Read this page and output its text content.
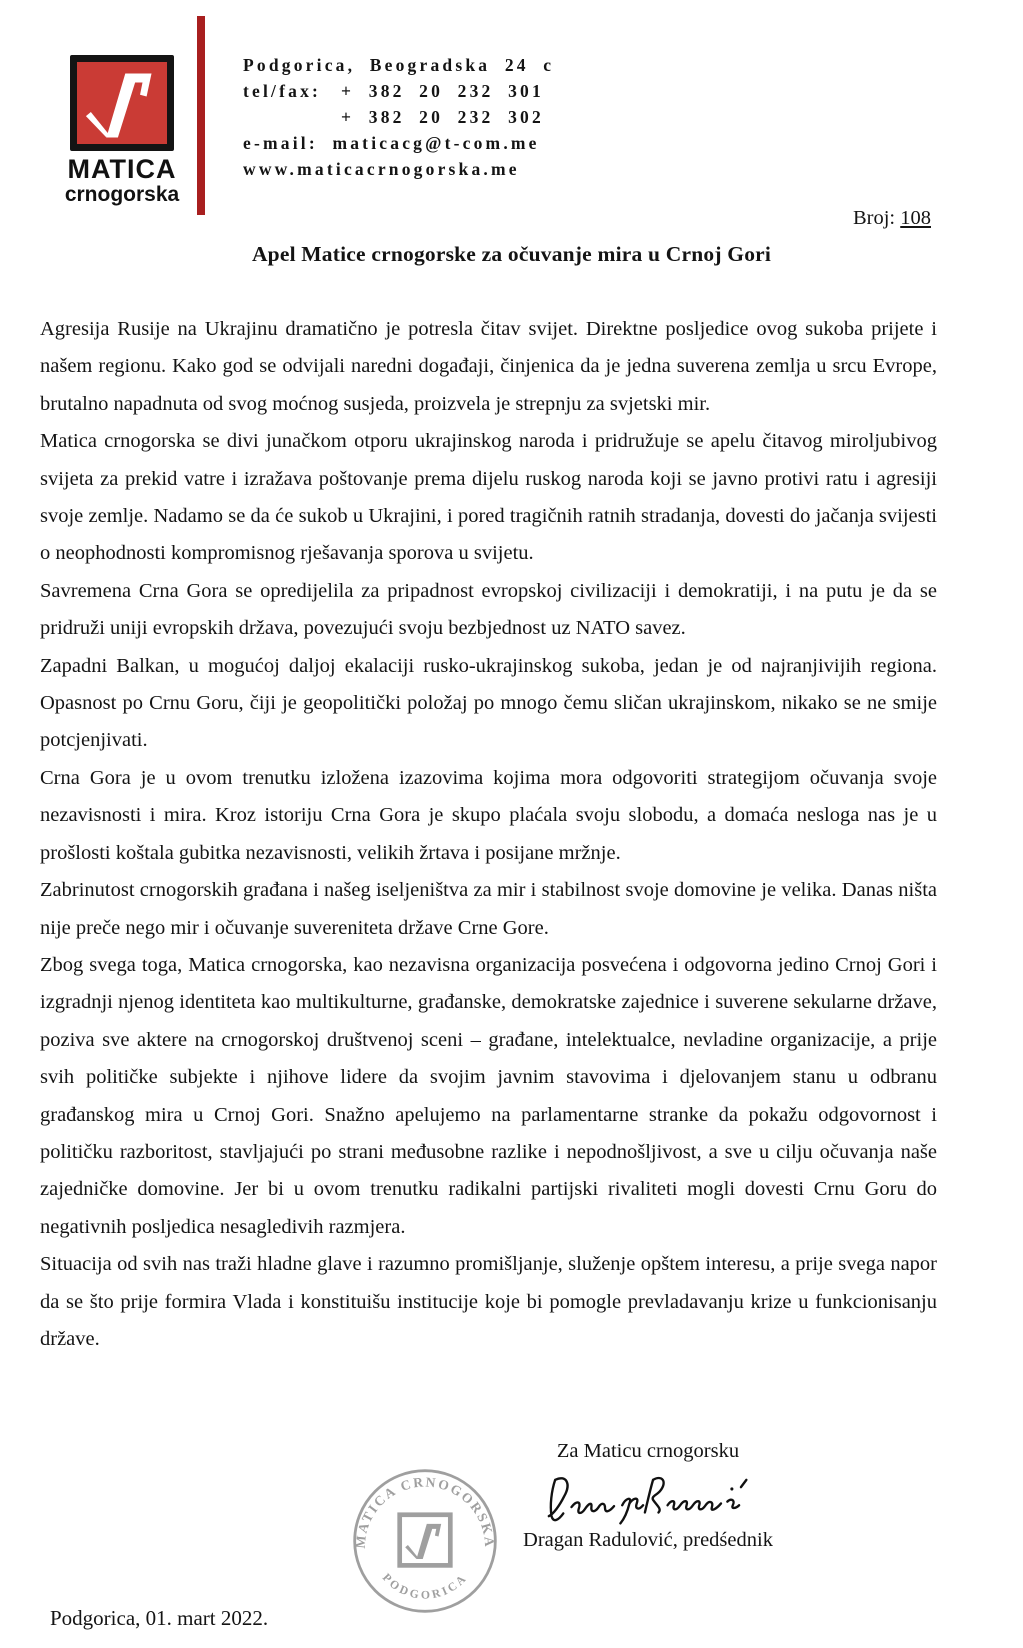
MATICA
crnogorska
Podgorica, Beogradska 24 c
tel/fax:	+ 382 20 232 301
+ 382 20 232 302
e-mail:
maticacg@t-com.me
www.maticacrnogorska.me
Broj: 108
Apel Matice crnogorske za očuvanje mira u Crnoj Gori

Agresija Rusije na Ukrajinu dramatično je potresla čitav svijet. Direktne posljedice ovog sukoba prijete i našem regionu. Kako god se odvijali naredni događaji, činjenica da je jedna suverena zemlja u srcu Evrope, brutalno napadnuta od svog moćnog susjeda, proizvela je strepnju za svjetski mir.

Matica crnogorska se divi junačkom otporu ukrajinskog naroda i pridružuje se apelu čitavog miroljubivog svijeta za prekid vatre i izražava poštovanje prema dijelu ruskog naroda koji se javno protivi ratu i agresiji svoje zemlje. Nadamo se da će sukob u Ukrajini, i pored tragičnih ratnih stradanja, dovesti do jačanja svijesti o neophodnosti kompromisnog rješavanja sporova u svijetu.

Savremena Crna Gora se opredijelila za pripadnost evropskoj civilizaciji i demokratiji, i na putu je da se pridruži uniji evropskih država, povezujući svoju bezbjednost uz NATO savez.

Zapadni Balkan, u mogućoj daljoj ekalaciji rusko-ukrajinskog sukoba, jedan je od najranjivijih regiona. Opasnost po Crnu Goru, čiji je geopolitički položaj po mnogo čemu sličan ukrajinskom, nikako se ne smije potcjenjivati.

Crna Gora je u ovom trenutku izložena izazovima kojima mora odgovoriti strategijom očuvanja svoje nezavisnosti i mira. Kroz istoriju Crna Gora je skupo plaćala svoju slobodu, a domaća nesloga nas je u prošlosti koštala gubitka nezavisnosti, velikih žrtava i posijane mržnje.

Zabrinutost crnogorskih građana i našeg iseljeništva za mir i stabilnost svoje domovine je velika. Danas ništa nije preče nego mir i očuvanje suvereniteta države Crne Gore.

Zbog svega toga, Matica crnogorska, kao nezavisna organizacija posvećena i odgovorna jedino Crnoj Gori i izgradnji njenog identiteta kao multikulturne, građanske, demokratske zajednice i suverene sekularne države, poziva sve aktere na crnogorskoj društvenoj sceni – građane, intelektualce, nevladine organizacije, a prije svih političke subjekte i njihove lidere da svojim javnim stavovima i djelovanjem stanu u odbranu građanskog mira u Crnoj Gori. Snažno apelujemo na parlamentarne stranke da pokažu odgovornost i političku razboritost, stavljajući po strani međusobne razlike i nepodnošljivost, a sve u cilju očuvanja naše zajedničke domovine. Jer bi u ovom trenutku radikalni partijski rivaliteti mogli dovesti Crnu Goru do negativnih posljedica nesagledivih razmjera.

Situacija od svih nas traži hladne glave i razumno promišljanje, služenje opštem interesu, a prije svega napor da se što prije formira Vlada i konstituišu institucije koje bi pomogle prevladavanju krize u funkcionisanju države.

MATICA CRNOGORSKA
PODGORICA
Za Maticu crnogorsku
Dragan Radulović, predśednik
Podgorica, 01. mart 2022.
